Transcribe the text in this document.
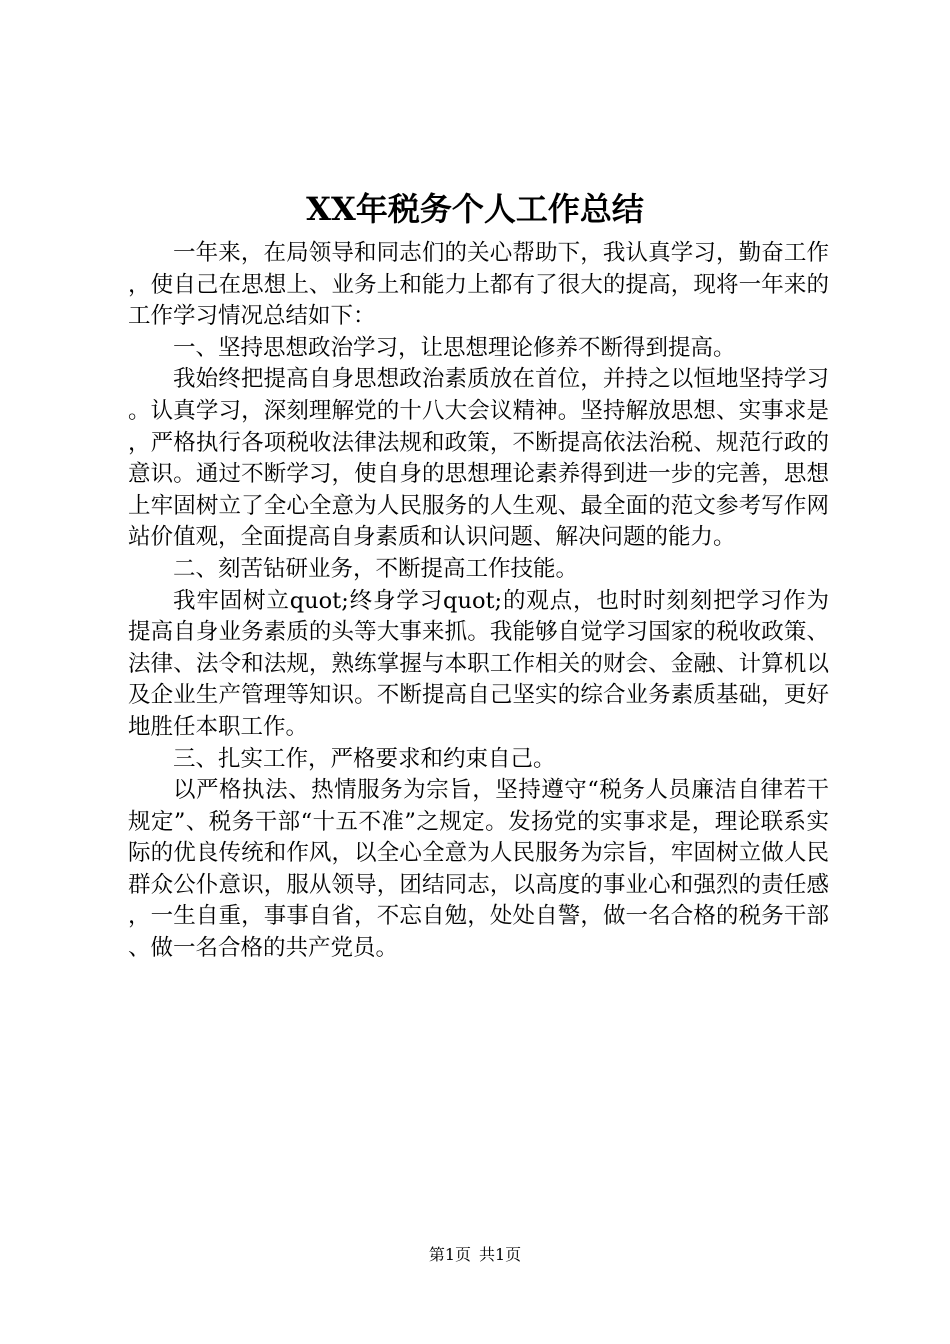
XX年税务个人工作总结

一年来，在局领导和同志们的关心帮助下，我认真学习，勤奋工作，使自己在思想上、业务上和能力上都有了很大的提高，现将一年来的工作学习情况总结如下：

一、坚持思想政治学习，让思想理论修养不断得到提高。

我始终把提高自身思想政治素质放在首位，并持之以恒地坚持学习。认真学习，深刻理解党的十八大会议精神。坚持解放思想、实事求是，严格执行各项税收法律法规和政策，不断提高依法治税、规范行政的意识。通过不断学习，使自身的思想理论素养得到进一步的完善，思想上牢固树立了全心全意为人民服务的人生观、最全面的范文参考写作网站价值观，全面提高自身素质和认识问题、解决问题的能力。

二、刻苦钻研业务，不断提高工作技能。

我牢固树立quot;终身学习quot;的观点，也时时刻刻把学习作为提高自身业务素质的头等大事来抓。我能够自觉学习国家的税收政策、法律、法令和法规，熟练掌握与本职工作相关的财会、金融、计算机以及企业生产管理等知识。不断提高自己坚实的综合业务素质基础，更好地胜任本职工作。

三、扎实工作，严格要求和约束自己。

以严格执法、热情服务为宗旨，坚持遵守“税务人员廉洁自律若干规定”、税务干部“十五不准”之规定。发扬党的实事求是，理论联系实际的优良传统和作风，以全心全意为人民服务为宗旨，牢固树立做人民群众公仆意识，服从领导，团结同志，以高度的事业心和强烈的责任感，一生自重，事事自省，不忘自勉，处处自警，做一名合格的税务干部、做一名合格的共产党员。

第1页 共1页
